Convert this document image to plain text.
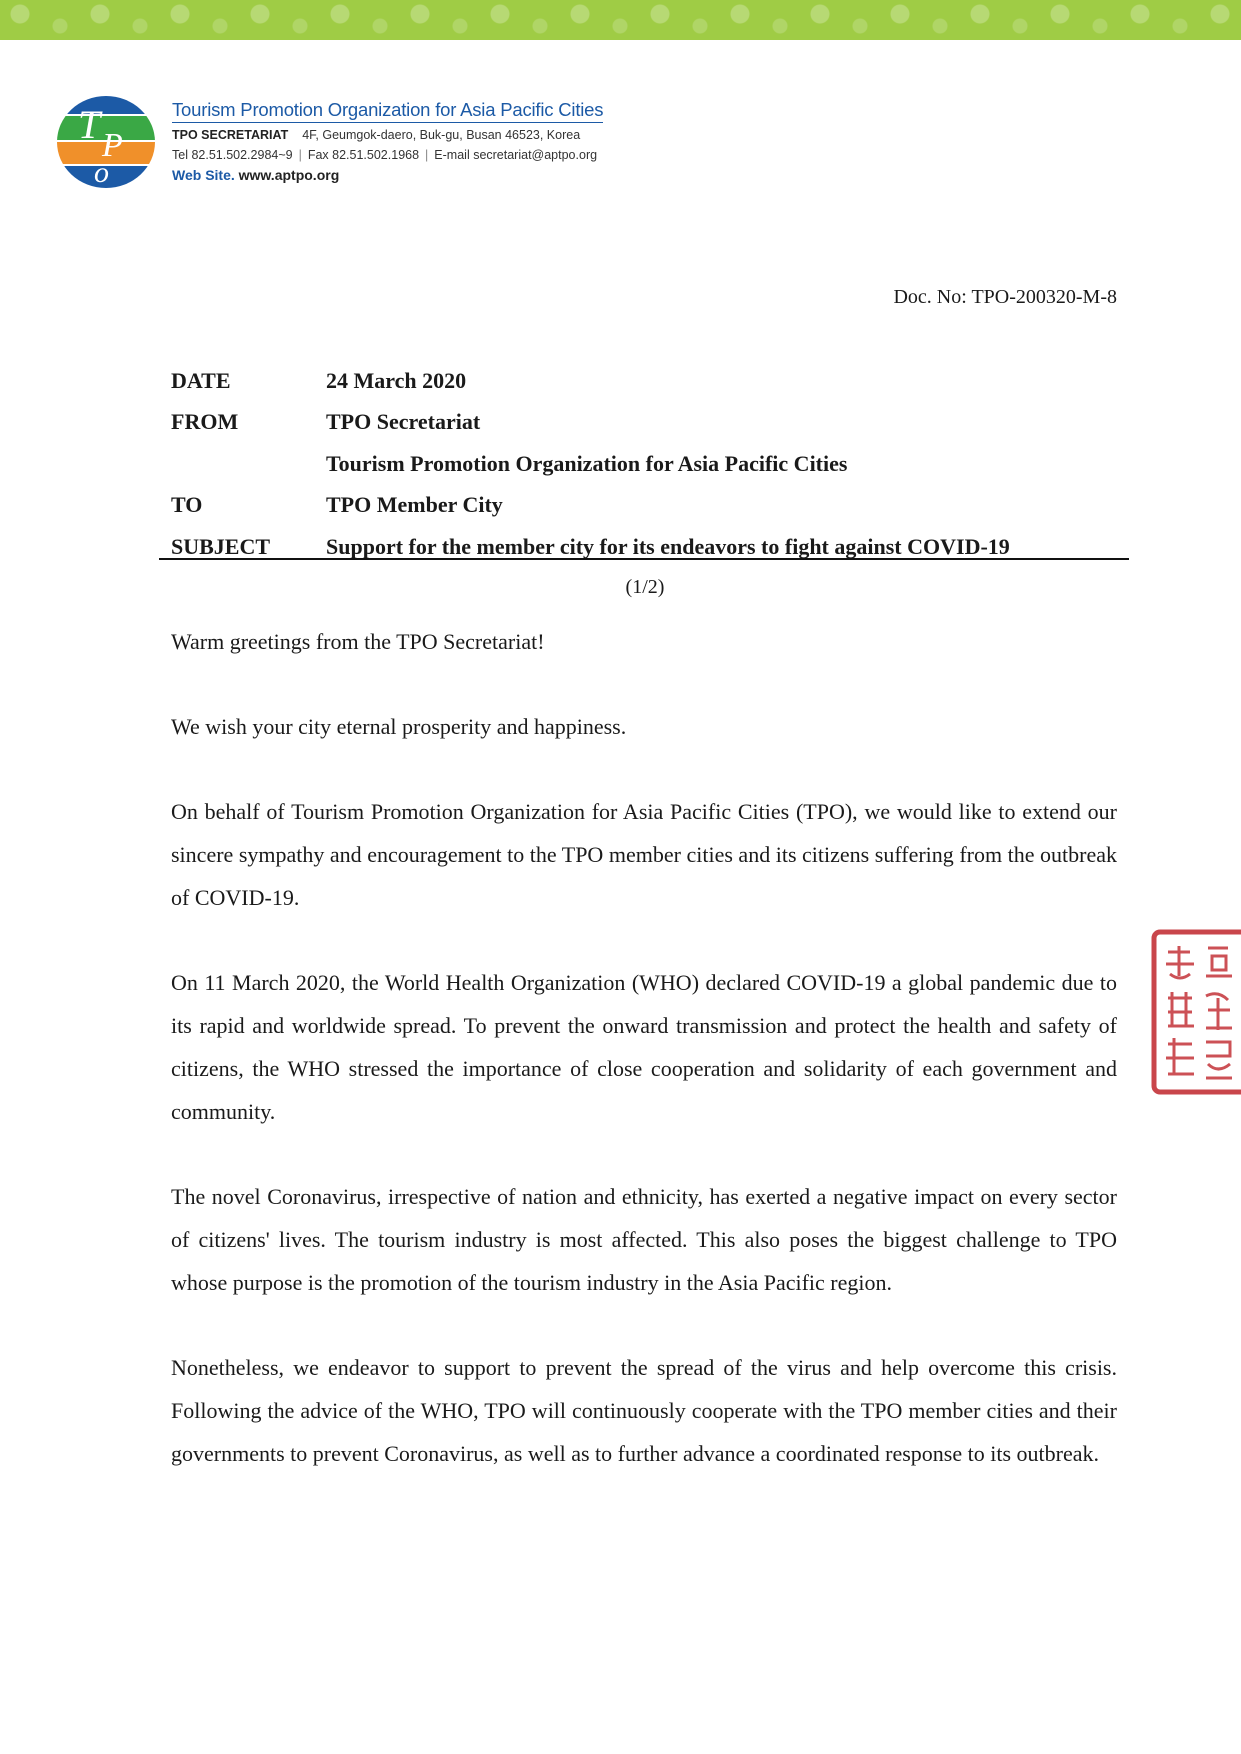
T P
o
Tourism Promotion Organization for Asia Pacific Cities
TPO SECRETARIAT 4F, Geumgok-daero, Buk-gu, Busan 46523, Korea
Tel 82.51.502.2984~9 | Fax 82.51.502.1968 | E-mail secretariat@aptpo.org
Web Site. www.aptpo.org
Doc. No: TPO-200320-M-8
DATE	24 March 2020
FROM	TPO Secretariat
Tourism Promotion Organization for Asia Pacific Cities
TO	TPO Member City
SUBJECT	Support for the member city for its endeavors to fight against COVID-19
(1/2)

Warm greetings from the TPO Secretariat!

We wish your city eternal prosperity and happiness.

On behalf of Tourism Promotion Organization for Asia Pacific Cities (TPO), we would like to extend our sincere sympathy and encouragement to the TPO member cities and its citizens suffering from the outbreak of COVID-19.

On 11 March 2020, the World Health Organization (WHO) declared COVID-19 a global pandemic due to its rapid and worldwide spread. To prevent the onward transmission and protect the health and safety of citizens, the WHO stressed the importance of close cooperation and solidarity of each government and community.

The novel Coronavirus, irrespective of nation and ethnicity, has exerted a negative impact on every sector of citizens' lives. The tourism industry is most affected. This also poses the biggest challenge to TPO whose purpose is the promotion of the tourism industry in the Asia Pacific region.

Nonetheless, we endeavor to support to prevent the spread of the virus and help overcome this crisis. Following the advice of the WHO, TPO will continuously cooperate with the TPO member cities and their governments to prevent Coronavirus, as well as to further advance a coordinated response to its outbreak.
